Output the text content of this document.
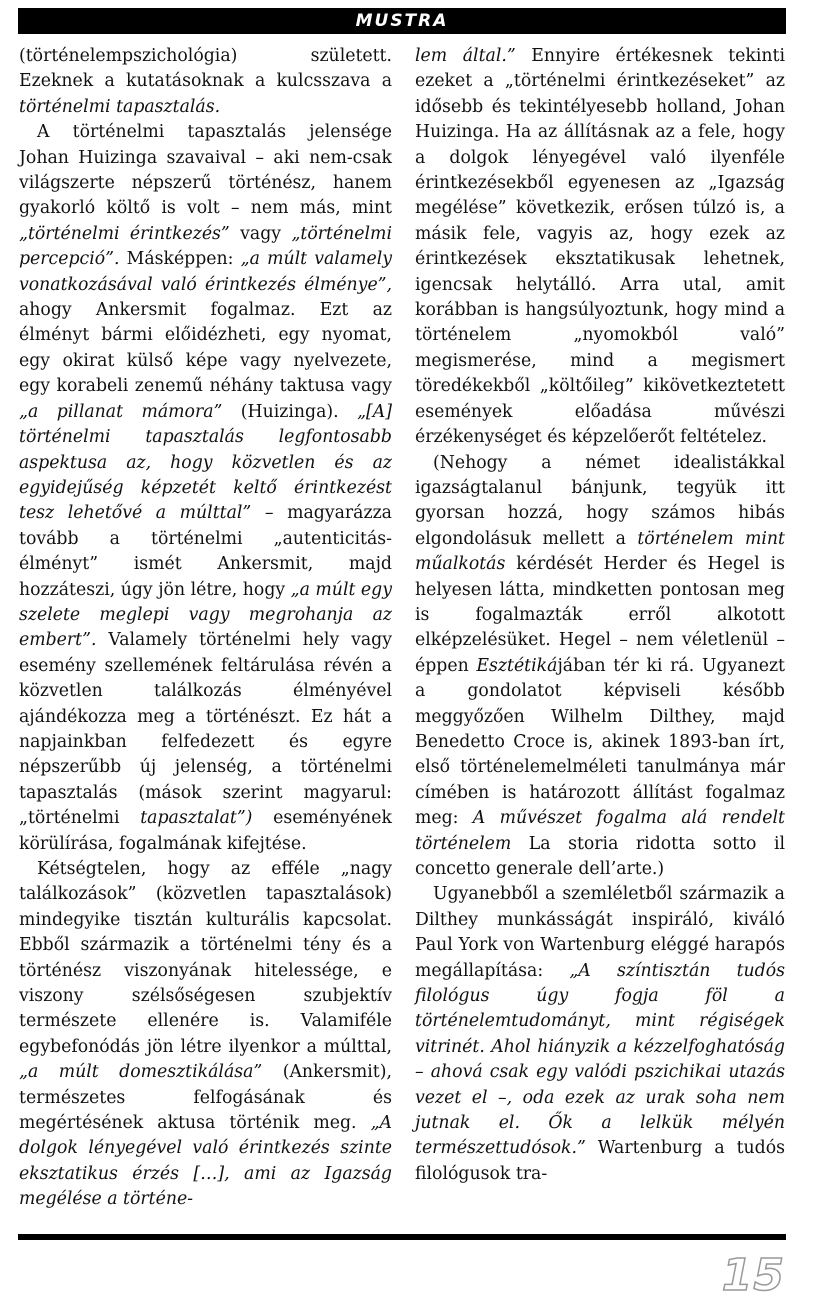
MUSTRA	NAPÚT

(történelempszichológia) született. Ezeknek a kutatásoknak a kulcsszava a történelmi tapasztalás.

A történelmi tapasztalás jelensége Johan Huizinga szavaival – aki nem-csak világszerte népszerű történész, hanem gyakorló költő is volt – nem más, mint „történelmi érintkezés” vagy „történelmi percepció”. Másképpen: „a múlt valamely vonatkozásával való érintkezés élménye”, ahogy Ankersmit fogalmaz. Ezt az élményt bármi előidézheti, egy nyomat, egy okirat külső képe vagy nyelvezete, egy korabeli zenemű néhány taktusa vagy „a pillanat mámora” (Huizinga). „[A] történelmi tapasztalás legfontosabb aspektusa az, hogy közvetlen és az egyidejűség képzetét keltő érintkezést tesz lehetővé a múlttal” – magyarázza tovább a történelmi „autenticitás-élményt” ismét Ankersmit, majd hozzáteszi, úgy jön létre, hogy „a múlt egy szelete meglepi vagy megrohanja az embert”. Valamely történelmi hely vagy esemény szellemének feltárulása révén a közvetlen találkozás élményével ajándékozza meg a történészt. Ez hát a napjainkban felfedezett és egyre népszerűbb új jelenség, a történelmi tapasztalás (mások szerint magyarul: „történelmi tapasztalat”) eseményének körülírása, fogalmának kifejtése.

Kétségtelen, hogy az efféle „nagy találkozások” (közvetlen tapasztalások) mindegyike tisztán kulturális kapcsolat. Ebből származik a történelmi tény és a történész viszonyának hitelessége, e viszony szélsőségesen szubjektív természete ellenére is. Valamiféle egybefonódás jön létre ilyenkor a múlttal, „a múlt domesztikálása” (Ankersmit), természetes felfogásának és megértésének aktusa történik meg. „A dolgok lényegével való érintkezés szinte eksztatikus érzés […], ami az Igazság megélése a történe-

lem által.” Ennyire értékesnek tekinti ezeket a „történelmi érintkezéseket” az idősebb és tekintélyesebb holland, Johan Huizinga. Ha az állításnak az a fele, hogy a dolgok lényegével való ilyenféle érintkezésekből egyenesen az „Igazság megélése” következik, erősen túlzó is, a másik fele, vagyis az, hogy ezek az érintkezések eksztatikusak lehetnek, igencsak helytálló. Arra utal, amit korábban is hangsúlyoztunk, hogy mind a történelem „nyomokból való” megismerése, mind a megismert töredékekből „költőileg” kikövetkeztetett események előadása művészi érzékenységet és képzelőerőt feltételez.

(Nehogy a német idealistákkal igazságtalanul bánjunk, tegyük itt gyorsan hozzá, hogy számos hibás elgondolásuk mellett a történelem mint műalkotás kérdését Herder és Hegel is helyesen látta, mindketten pontosan meg is fogalmazták erről alkotott elképzelésüket. Hegel – nem véletlenül – éppen Esztétikájában tér ki rá. Ugyanezt a gondolatot képviseli később meggyőzően Wilhelm Dilthey, majd Benedetto Croce is, akinek 1893-ban írt, első történelemelméleti tanulmánya már címében is határozott állítást fogalmaz meg: A művészet fogalma alá rendelt történelem La storia ridotta sotto il concetto generale dell’arte.)

Ugyanebből a szemléletből származik a Dilthey munkásságát inspiráló, kiváló Paul York von Wartenburg eléggé harapós megállapítása: „A színtisztán tudós filológus úgy fogja föl a történelemtudományt, mint régiségek vitrinét. Ahol hiányzik a kézzelfoghatóság – ahová csak egy valódi pszichikai utazás vezet el –, oda ezek az urak soha nem jutnak el. Ők a lelkük mélyén természettudósok.” Wartenburg a tudós filológusok tra-

15
